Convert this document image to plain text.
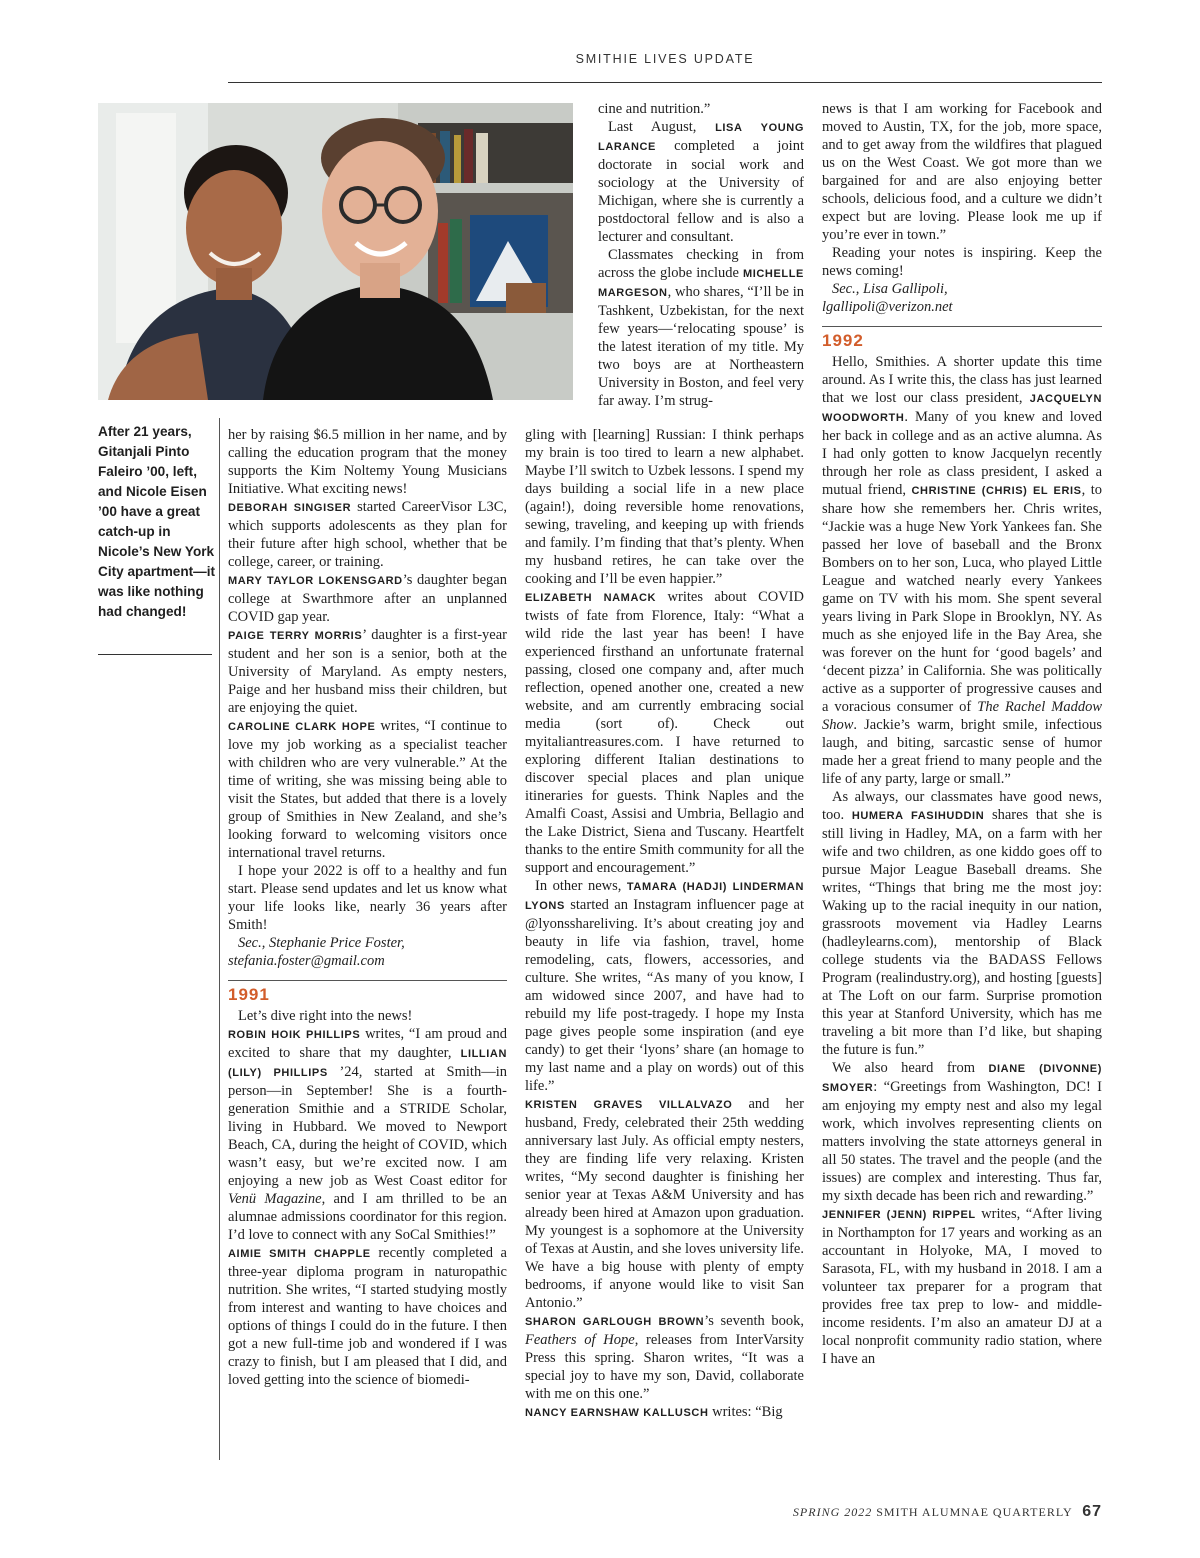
SMITHIE LIVES UPDATE
After 21 years, Gitanjali Pinto Faleiro ’00, left, and Nicole Eisen ’00 have a great catch-up in Nicole’s New York City apartment—it was like nothing had changed!

her by raising $6.5 million in her name, and by calling the education program that the money supports the Kim Noltemy Young Musicians Initiative. What exciting news!

DEBORAH SINGISER started CareerVisor L3C, which supports adolescents as they plan for their future after high school, whether that be college, career, or training.

MARY TAYLOR LOKENSGARD’s daughter began college at Swarthmore after an unplanned COVID gap year.

PAIGE TERRY MORRIS’ daughter is a first-year student and her son is a senior, both at the University of Maryland. As empty nesters, Paige and her husband miss their children, but are enjoying the quiet.

CAROLINE CLARK HOPE writes, “I continue to love my job working as a specialist teacher with children who are very vulnerable.” At the time of writing, she was missing being able to visit the States, but added that there is a lovely group of Smithies in New Zealand, and she’s looking forward to welcoming visitors once international travel returns.

I hope your 2022 is off to a healthy and fun start. Please send updates and let us know what your life looks like, nearly 36 years after Smith!

Sec., Stephanie Price Foster,

stefania.foster@gmail.com

1991

Let’s dive right into the news!

ROBIN HOIK PHILLIPS writes, “I am proud and excited to share that my daughter, LILLIAN (LILY) PHILLIPS ’24, started at Smith—in person—in September! She is a fourth-generation Smithie and a STRIDE Scholar, living in Hubbard. We moved to Newport Beach, CA, during the height of COVID, which wasn’t easy, but we’re excited now. I am enjoying a new job as West Coast editor for Venü Magazine, and I am thrilled to be an alumnae admissions coordinator for this region. I’d love to connect with any SoCal Smithies!”

AIMIE SMITH CHAPPLE recently completed a three-year diploma program in naturopathic nutrition. She writes, “I started studying mostly from interest and wanting to have choices and options of things I could do in the future. I then got a new full-time job and wondered if I was crazy to finish, but I am pleased that I did, and loved getting into the science of biomedi-

cine and nutrition.”

Last August, LISA YOUNG LARANCE completed a joint doctorate in social work and sociology at the University of Michigan, where she is currently a postdoctoral fellow and is also a lecturer and consultant.

Classmates checking in from across the globe include MICHELLE MARGESON, who shares, “I’ll be in Tashkent, Uzbekistan, for the next few years—‘relocating spouse’ is the latest iteration of my title. My two boys are at Northeastern University in Boston, and feel very far away. I’m strug-

gling with [learning] Russian: I think perhaps my brain is too tired to learn a new alphabet. Maybe I’ll switch to Uzbek lessons. I spend my days building a social life in a new place (again!), doing reversible home renovations, sewing, traveling, and keeping up with friends and family. I’m finding that that’s plenty. When my husband retires, he can take over the cooking and I’ll be even happier.”

ELIZABETH NAMACK writes about COVID twists of fate from Florence, Italy: “What a wild ride the last year has been! I have experienced firsthand an unfortunate fraternal passing, closed one company and, after much reflection, opened another one, created a new website, and am currently embracing social media (sort of). Check out myitaliantreasures.com. I have returned to exploring different Italian destinations to discover special places and plan unique itineraries for guests. Think Naples and the Amalfi Coast, Assisi and Umbria, Bellagio and the Lake District, Siena and Tuscany. Heartfelt thanks to the entire Smith community for all the support and encouragement.”

In other news, TAMARA (HADJI) LINDERMAN LYONS started an Instagram influencer page at @lyonsshareliving. It’s about creating joy and beauty in life via fashion, travel, home remodeling, cats, flowers, accessories, and culture. She writes, “As many of you know, I am widowed since 2007, and have had to rebuild my life post-tragedy. I hope my Insta page gives people some inspiration (and eye candy) to get their ‘lyons’ share (an homage to my last name and a play on words) out of this life.”

KRISTEN GRAVES VILLALVAZO and her husband, Fredy, celebrated their 25th wedding anniversary last July. As official empty nesters, they are finding life very relaxing. Kristen writes, “My second daughter is finishing her senior year at Texas A&M University and has already been hired at Amazon upon graduation. My youngest is a sophomore at the University of Texas at Austin, and she loves university life. We have a big house with plenty of empty bedrooms, if anyone would like to visit San Antonio.”

SHARON GARLOUGH BROWN’s seventh book, Feathers of Hope, releases from InterVarsity Press this spring. Sharon writes, “It was a special joy to have my son, David, collaborate with me on this one.”

NANCY EARNSHAW KALLUSCH writes: “Big

news is that I am working for Facebook and moved to Austin, TX, for the job, more space, and to get away from the wildfires that plagued us on the West Coast. We got more than we bargained for and are also enjoying better schools, delicious food, and a culture we didn’t expect but are loving. Please look me up if you’re ever in town.”

Reading your notes is inspiring. Keep the news coming!

Sec., Lisa Gallipoli,

lgallipoli@verizon.net

1992

Hello, Smithies. A shorter update this time around. As I write this, the class has just learned that we lost our class president, JACQUELYN WOODWORTH. Many of you knew and loved her back in college and as an active alumna. As I had only gotten to know Jacquelyn recently through her role as class president, I asked a mutual friend, CHRISTINE (CHRIS) EL ERIS, to share how she remembers her. Chris writes, “Jackie was a huge New York Yankees fan. She passed her love of baseball and the Bronx Bombers on to her son, Luca, who played Little League and watched nearly every Yankees game on TV with his mom. She spent several years living in Park Slope in Brooklyn, NY. As much as she enjoyed life in the Bay Area, she was forever on the hunt for ‘good bagels’ and ‘decent pizza’ in California. She was politically active as a supporter of progressive causes and a voracious consumer of The Rachel Maddow Show. Jackie’s warm, bright smile, infectious laugh, and biting, sarcastic sense of humor made her a great friend to many people and the life of any party, large or small.”

As always, our classmates have good news, too. HUMERA FASIHUDDIN shares that she is still living in Hadley, MA, on a farm with her wife and two children, as one kiddo goes off to pursue Major League Baseball dreams. She writes, “Things that bring me the most joy: Waking up to the racial inequity in our nation, grassroots movement via Hadley Learns (hadleylearns.com), mentorship of Black college students via the BADASS Fellows Program (realindustry.org), and hosting [guests] at The Loft on our farm. Surprise promotion this year at Stanford University, which has me traveling a bit more than I’d like, but shaping the future is fun.”

We also heard from DIANE (DIVONNE) SMOYER: “Greetings from Washington, DC! I am enjoying my empty nest and also my legal work, which involves representing clients on matters involving the state attorneys general in all 50 states. The travel and the people (and the issues) are complex and interesting. Thus far, my sixth decade has been rich and rewarding.”

JENNIFER (JENN) RIPPEL writes, “After living in Northampton for 17 years and working as an accountant in Holyoke, MA, I moved to Sarasota, FL, with my husband in 2018. I am a volunteer tax preparer for a program that provides free tax prep to low- and middle-income residents. I’m also an amateur DJ at a local nonprofit community radio station, where I have an

SPRING 2022 SMITH ALUMNAE QUARTERLY 67
